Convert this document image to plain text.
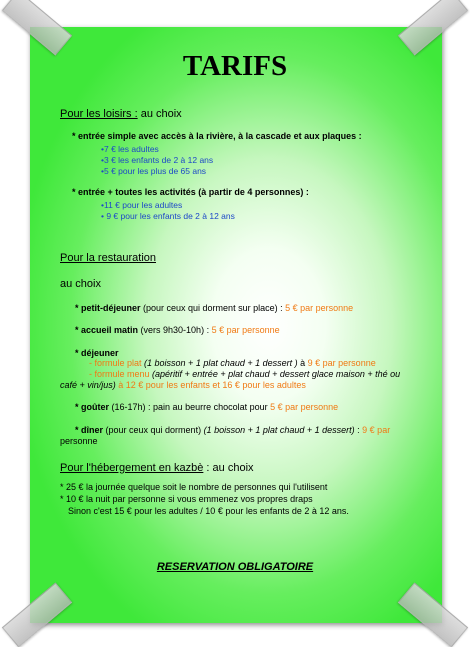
TARIFS
Pour les loisirs : au choix
* entrée simple avec accès à la rivière, à la cascade et aux plaques :
•7 € les adultes
•3 € les enfants de 2 à 12 ans
•5 € pour les plus de 65 ans
* entrée + toutes les activités (à partir de 4 personnes) :
•11 € pour les adultes
• 9 € pour les enfants de 2 à 12 ans
Pour la restauration
au choix
* petit-déjeuner (pour ceux qui dorment sur place) : 5 € par personne
* accueil matin (vers 9h30-10h) : 5 € par personne
* déjeuner
- formule plat (1 boisson + 1 plat chaud + 1 dessert ) à 9 € par personne
- formule menu (apéritif + entrée + plat chaud + dessert glace maison + thé ou
café + vin/jus) à 12 € pour les enfants et 16 € pour les adultes
* goûter (16-17h) : pain au beurre chocolat pour 5 € par personne
* dîner (pour ceux qui dorment) (1 boisson + 1 plat chaud + 1 dessert) : 9 € par
personne
Pour l'hébergement en kazbè : au choix
* 25 € la journée quelque soit le nombre de personnes qui l'utilisent
* 10 € la nuit par personne si vous emmenez vos propres draps
Sinon c'est 15 € pour les adultes / 10 € pour les enfants de 2 à 12 ans.
RESERVATION OBLIGATOIRE
